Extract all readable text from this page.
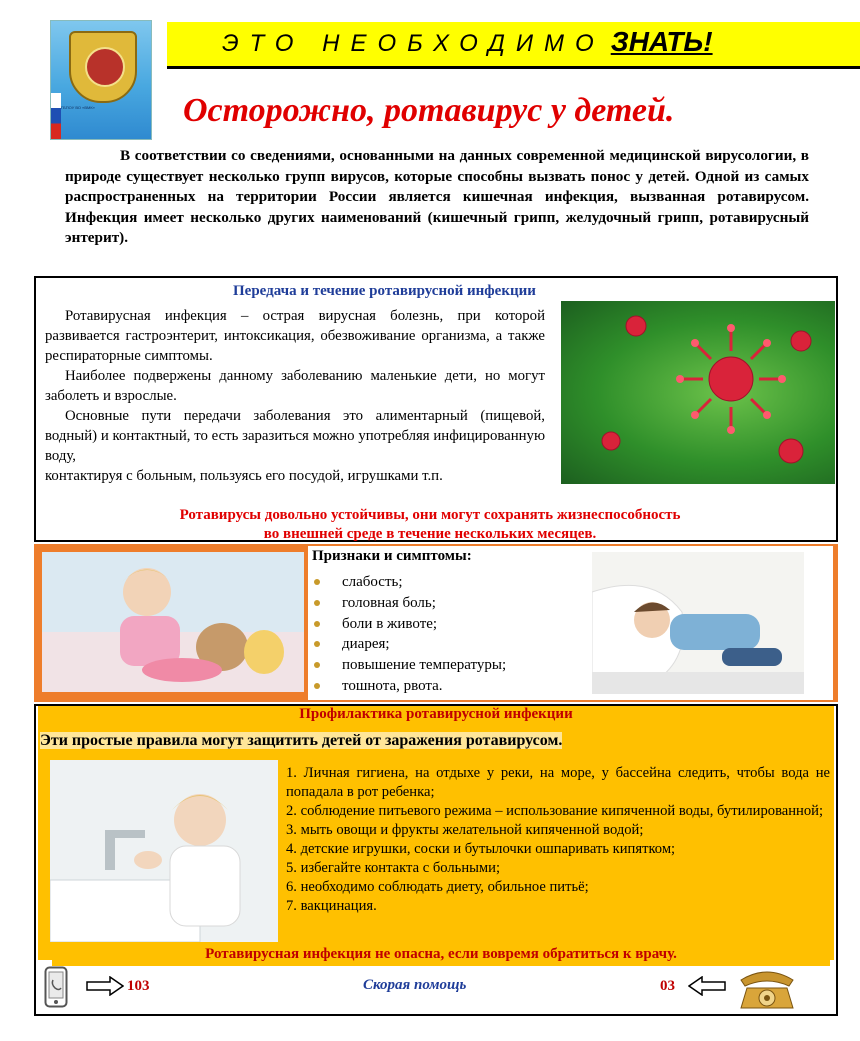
ЭТО НЕОБХОДИМО ЗНАТЬ!
ГБПОУ ВО «ВМК»	Осторожно, ротавирус у детей.
В соответствии со сведениями, основанными на данных современной медицинской вирусологии, в природе существует несколько групп вирусов, которые способны вызвать понос у детей. Одной из самых распространенных на территории России является кишечная инфекция, вызванная ротавирусом. Инфекция имеет несколько других наименований (кишечный грипп, желудочный грипп, ротавирусный энтерит).
Передача и течение ротавирусной инфекции

Ротавирусная инфекция – острая вирусная болезнь, при которой развивается гастроэнтерит, интоксикация, обезвоживание организма, а также респираторные симптомы.

Наиболее подвержены данному заболеванию маленькие дети, но могут заболеть и взрослые.

Основные пути передачи заболевания это алиментарный (пищевой, водный) и контактный, то есть заразиться можно употребляя инфицированную воду,

контактируя с больным, пользуясь его посудой, игрушками т.п.

Ротавирусы довольно устойчивы, они могут сохранять жизнеспособность
во внешней среде в течение нескольких месяцев.
Признаки и симптомы:
слабость;
головная боль;
боли в животе;
диарея;
повышение температуры;
тошнота, рвота.
Профилактика ротавирусной инфекции
Эти простые правила могут защитить детей от заражения ротавирусом.
1. Личная гигиена, на отдыхе у реки, на море, у бассейна следить, чтобы вода не попадала в рот ребенка;
2. соблюдение питьевого режима – использование кипяченной воды, бутилированной;
3. мыть овощи и фрукты желательной кипяченной водой;
4. детские игрушки, соски и бутылочки ошпаривать кипятком;
5. избегайте контакта с больными;
6. необходимо соблюдать диету, обильное питьё;
7. вакцинация.
Ротавирусная инфекция не опасна, если вовремя обратиться к врачу.
103	Скорая помощь	03
